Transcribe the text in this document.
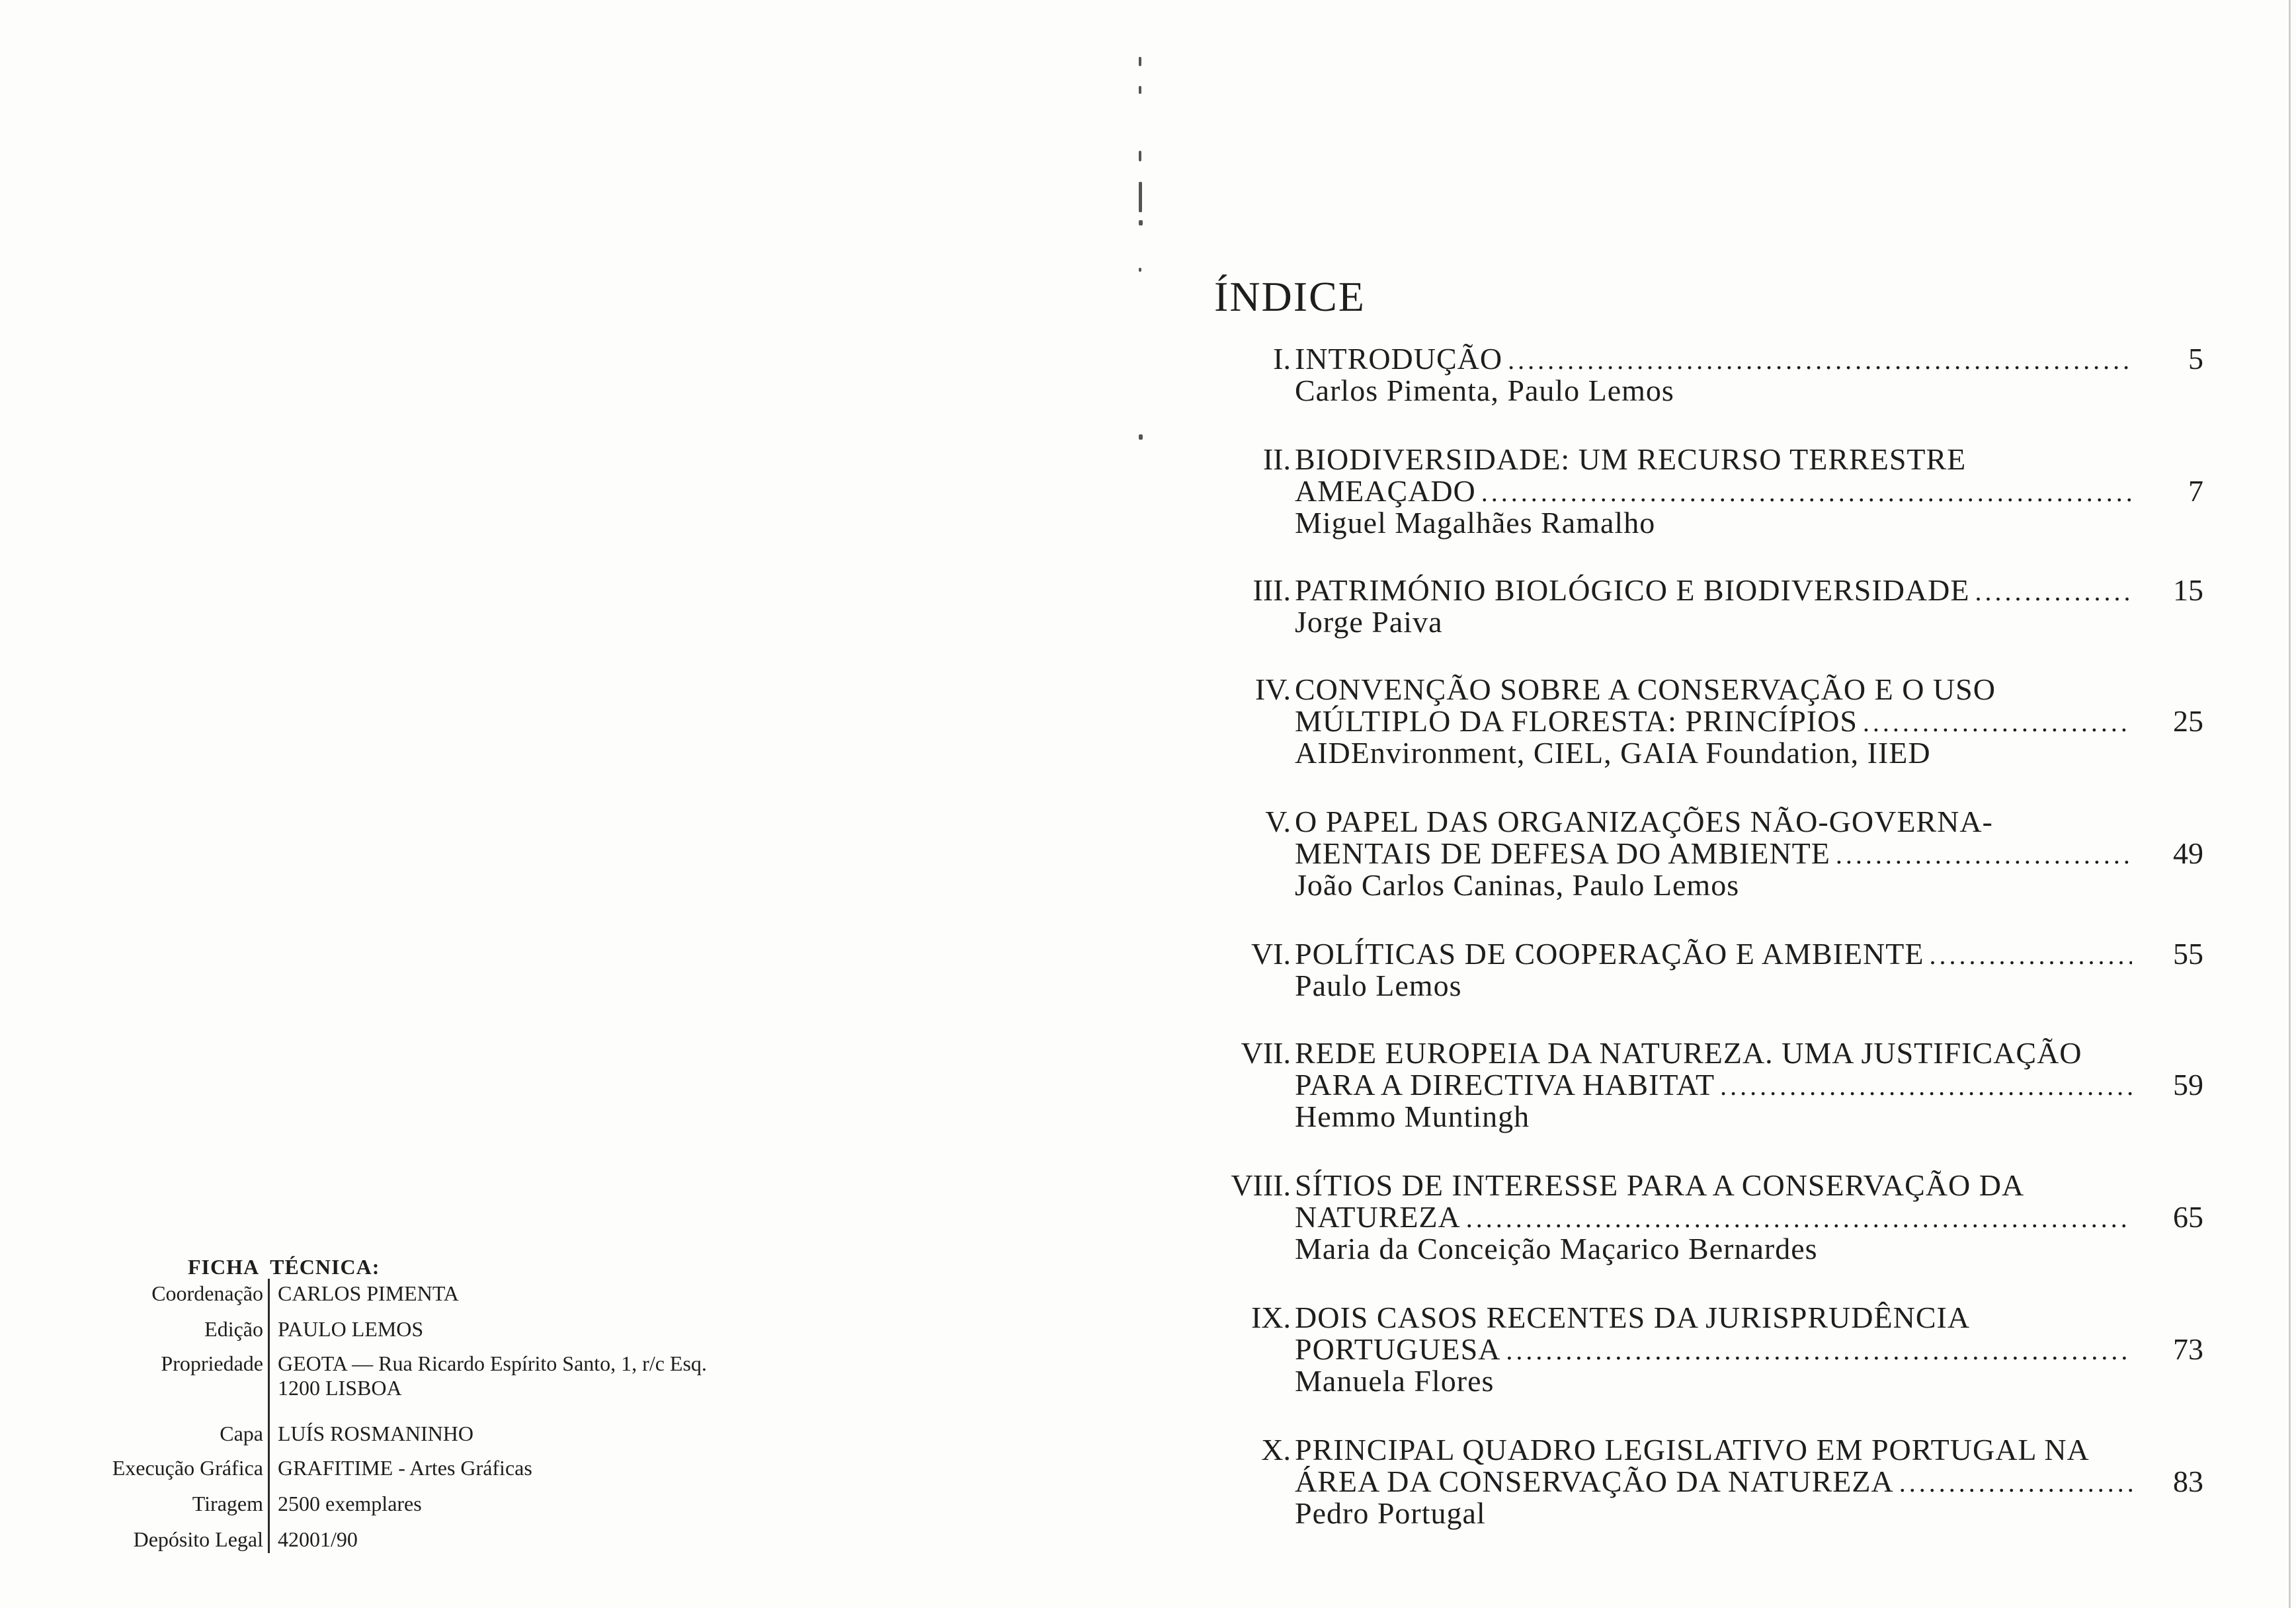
FICHA TÉCNICA:
Coordenação CARLOS PIMENTA
Edição PAULO LEMOS
Propriedade GEOTA — Rua Ricardo Espírito Santo, 1, r/c Esq.
1200 LISBOA
Capa LUÍS ROSMANINHO
Execução Gráfica GRAFITIME - Artes Gráficas
Tiragem 2500 exemplares
Depósito Legal 42001/90
ÍNDICE
I. INTRODUÇÃO .....	5
Carlos Pimenta, Paulo Lemos
II. BIODIVERSIDADE: UM RECURSO TERRESTRE
AMEAÇADO .....	7
Miguel Magalhães Ramalho
III. PATRIMÓNIO BIOLÓGICO E BIODIVERSIDADE .....	15
Jorge Paiva
IV. CONVENÇÃO SOBRE A CONSERVAÇÃO E O USO
MÚLTIPLO DA FLORESTA: PRINCÍPIOS .....	25
AIDEnvironment, CIEL, GAIA Foundation, IIED
V. O PAPEL DAS ORGANIZAÇÕES NÃO-GOVERNA-
MENTAIS DE DEFESA DO AMBIENTE .....	49
João Carlos Caninas, Paulo Lemos
VI. POLÍTICAS DE COOPERAÇÃO E AMBIENTE .....	55
Paulo Lemos
VII. REDE EUROPEIA DA NATUREZA. UMA JUSTIFICAÇÃO
PARA A DIRECTIVA HABITAT .....	59
Hemmo Muntingh
VIII. SÍTIOS DE INTERESSE PARA A CONSERVAÇÃO DA
NATUREZA .....	65
Maria da Conceição Maçarico Bernardes
IX. DOIS CASOS RECENTES DA JURISPRUDÊNCIA
PORTUGUESA .....	73
Manuela Flores
X. PRINCIPAL QUADRO LEGISLATIVO EM PORTUGAL NA
ÁREA DA CONSERVAÇÃO DA NATUREZA .....	83
Pedro Portugal
